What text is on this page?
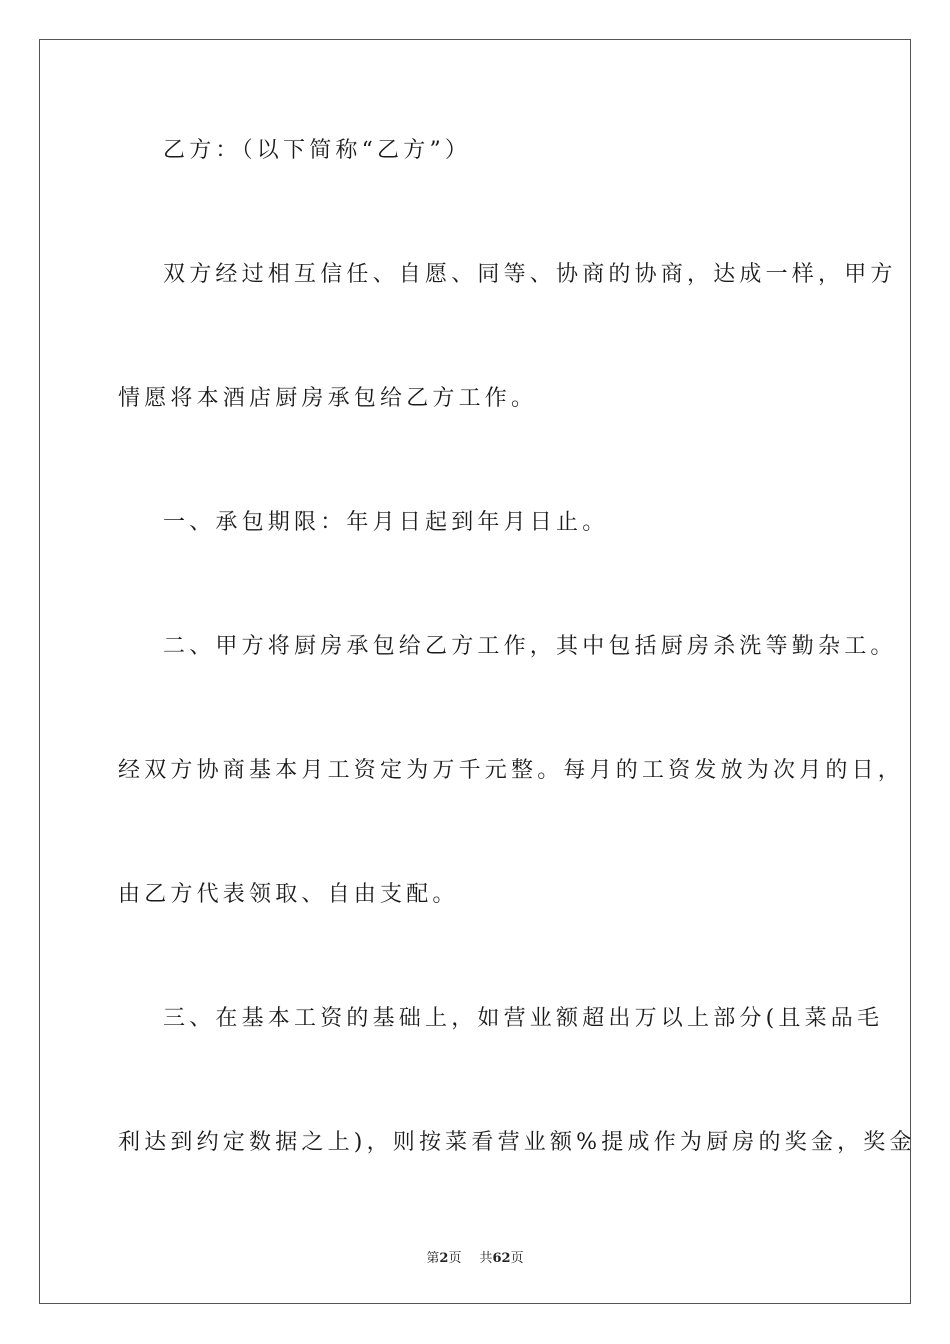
乙方：（以下简称“乙方”）
双方经过相互信任、自愿、同等、协商的协商，达成一样，甲方
情愿将本酒店厨房承包给乙方工作。
一、承包期限：年月日起到年月日止。
二、甲方将厨房承包给乙方工作，其中包括厨房杀洗等勤杂工。
经双方协商基本月工资定为万千元整。每月的工资发放为次月的日，
由乙方代表领取、自由支配。
三、在基本工资的基础上，如营业额超出万以上部分(且菜品毛
利达到约定数据之上)，则按菜看营业额%提成作为厨房的奖金，奖金
第2页 共62页
